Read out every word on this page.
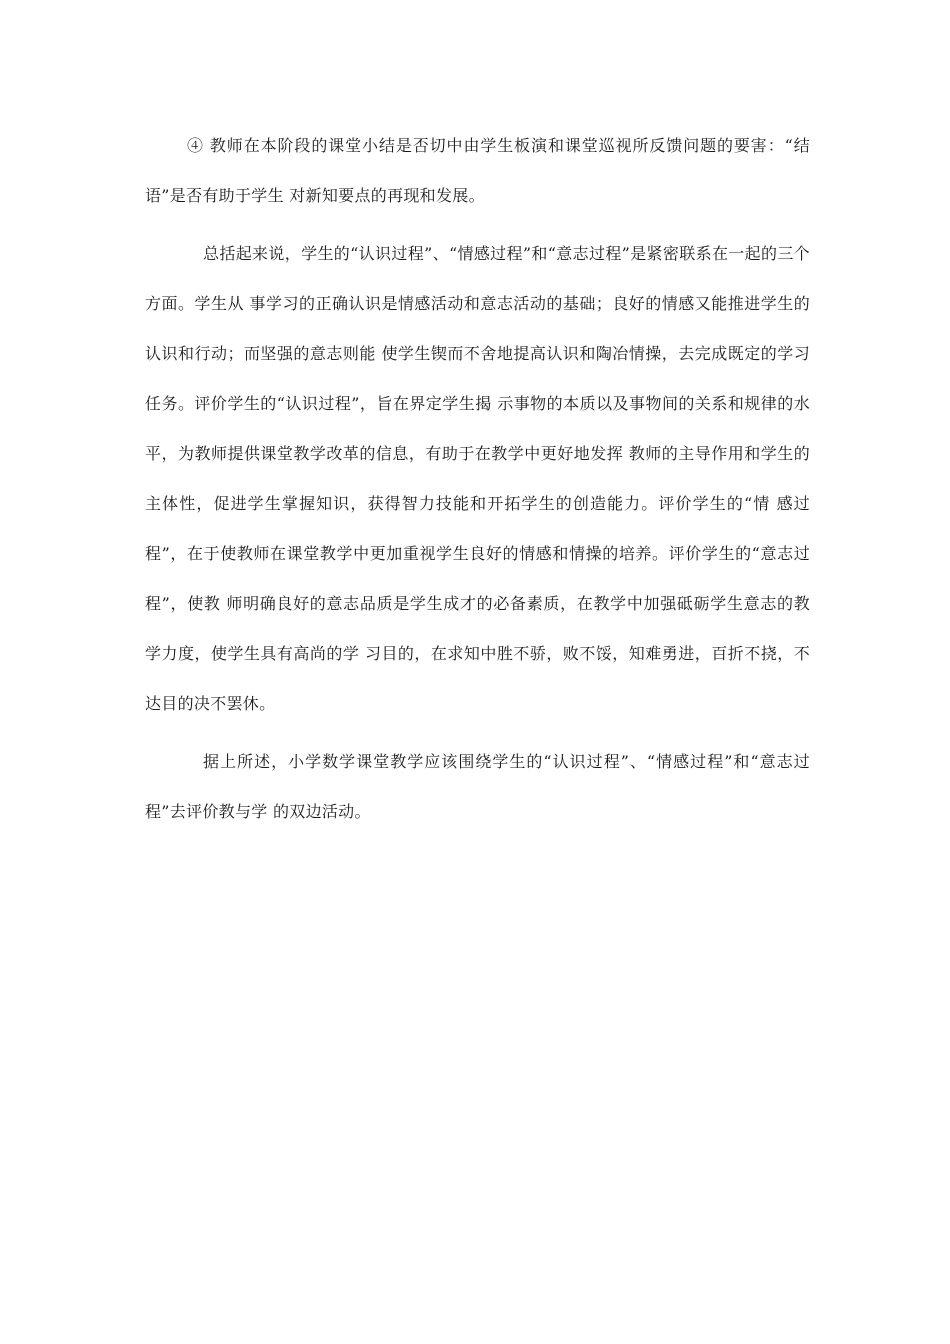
④ 教师在本阶段的课堂小结是否切中由学生板演和课堂巡视所反馈问题的要害：“结语”是否有助于学生 对新知要点的再现和发展。

总括起来说，学生的“认识过程”、“情感过程”和“意志过程”是紧密联系在一起的三个方面。学生从 事学习的正确认识是情感活动和意志活动的基础；良好的情感又能推进学生的认识和行动；而坚强的意志则能 使学生锲而不舍地提高认识和陶冶情操，去完成既定的学习任务。评价学生的“认识过程”，旨在界定学生揭 示事物的本质以及事物间的关系和规律的水平，为教师提供课堂教学改革的信息，有助于在教学中更好地发挥 教师的主导作用和学生的主体性，促进学生掌握知识，获得智力技能和开拓学生的创造能力。评价学生的“情 感过程”，在于使教师在课堂教学中更加重视学生良好的情感和情操的培养。评价学生的“意志过程”，使教 师明确良好的意志品质是学生成才的必备素质，在教学中加强砥砺学生意志的教学力度，使学生具有高尚的学 习目的，在求知中胜不骄，败不馁，知难勇进，百折不挠，不达目的决不罢休。

据上所述，小学数学课堂教学应该围绕学生的“认识过程”、“情感过程”和“意志过程”去评价教与学 的双边活动。
